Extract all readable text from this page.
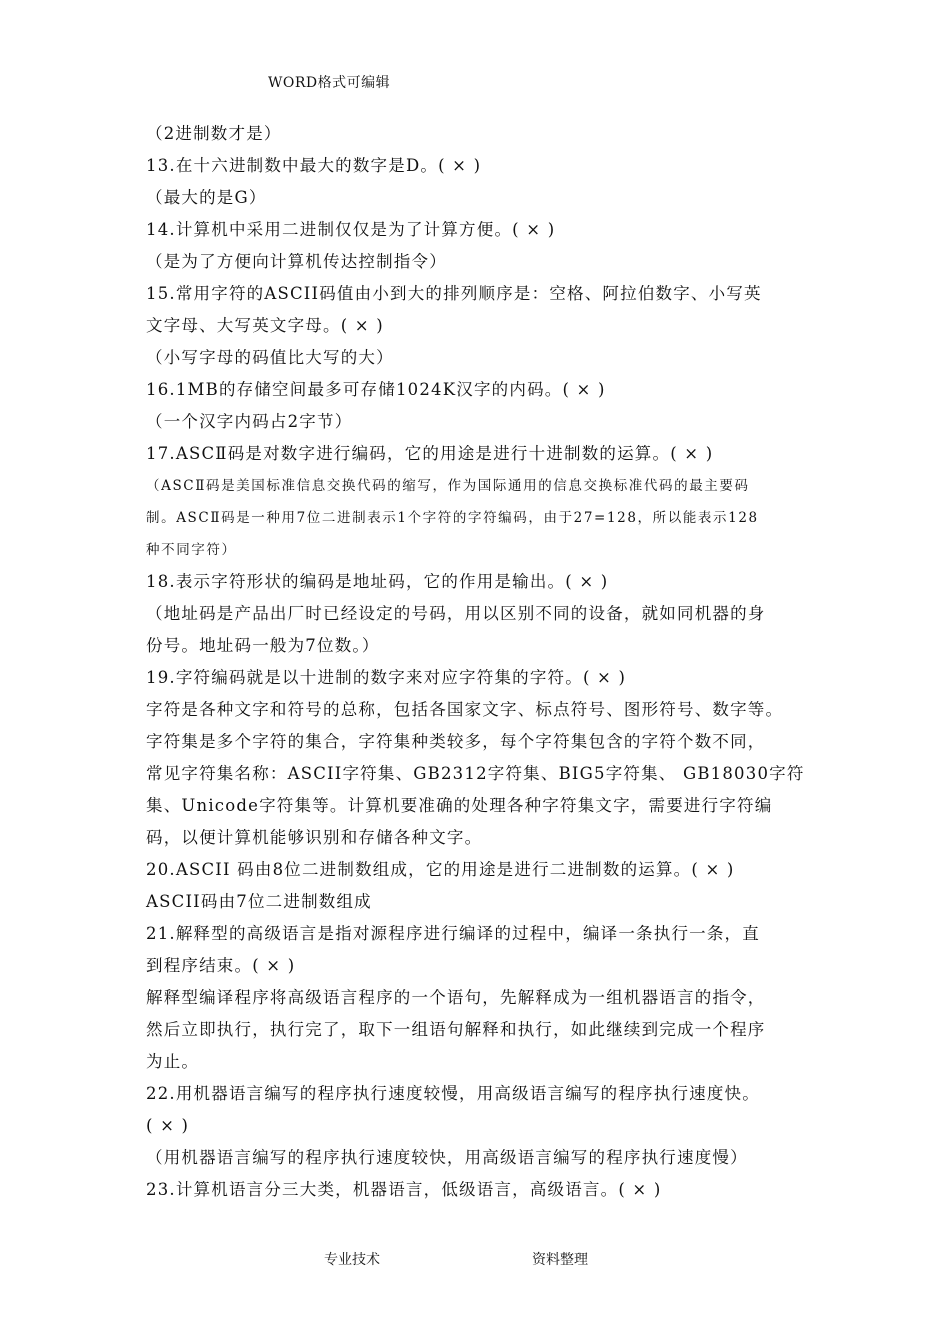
WORD格式可编辑
（2进制数才是）
13.在十六进制数中最大的数字是D。( × )
（最大的是G）
14.计算机中采用二进制仅仅是为了计算方便。( × )
（是为了方便向计算机传达控制指令）
15.常用字符的ASCII码值由小到大的排列顺序是：空格、阿拉伯数字、小写英
文字母、大写英文字母。( × )
（小写字母的码值比大写的大）
16.1MB的存储空间最多可存储1024K汉字的内码。( × )
（一个汉字内码占2字节）
17.ASCⅡ码是对数字进行编码，它的用途是进行十进制数的运算。( × )
（ASCⅡ码是美国标准信息交换代码的缩写，作为国际通用的信息交换标准代码的最主要码
制。ASCⅡ码是一种用7位二进制表示1个字符的字符编码，由于27=128，所以能表示128
种不同字符）
18.表示字符形状的编码是地址码，它的作用是输出。( × )
（地址码是产品出厂时已经设定的号码，用以区别不同的设备，就如同机器的身
份号。地址码一般为7位数。）
19.字符编码就是以十进制的数字来对应字符集的字符。( × )
字符是各种文字和符号的总称，包括各国家文字、标点符号、图形符号、数字等。
字符集是多个字符的集合，字符集种类较多，每个字符集包含的字符个数不同，
常见字符集名称：ASCII字符集、GB2312字符集、BIG5字符集、 GB18030字符
集、Unicode字符集等。计算机要准确的处理各种字符集文字，需要进行字符编
码，以便计算机能够识别和存储各种文字。
20.ASCII 码由8位二进制数组成，它的用途是进行二进制数的运算。( × )
ASCII码由7位二进制数组成
21.解释型的高级语言是指对源程序进行编译的过程中，编译一条执行一条，直
到程序结束。( × )
解释型编译程序将高级语言程序的一个语句，先解释成为一组机器语言的指令，
然后立即执行，执行完了，取下一组语句解释和执行，如此继续到完成一个程序
为止。
22.用机器语言编写的程序执行速度较慢，用高级语言编写的程序执行速度快。
( × )
（用机器语言编写的程序执行速度较快，用高级语言编写的程序执行速度慢）
23.计算机语言分三大类，机器语言，低级语言，高级语言。( × )
专业技术	资料整理
